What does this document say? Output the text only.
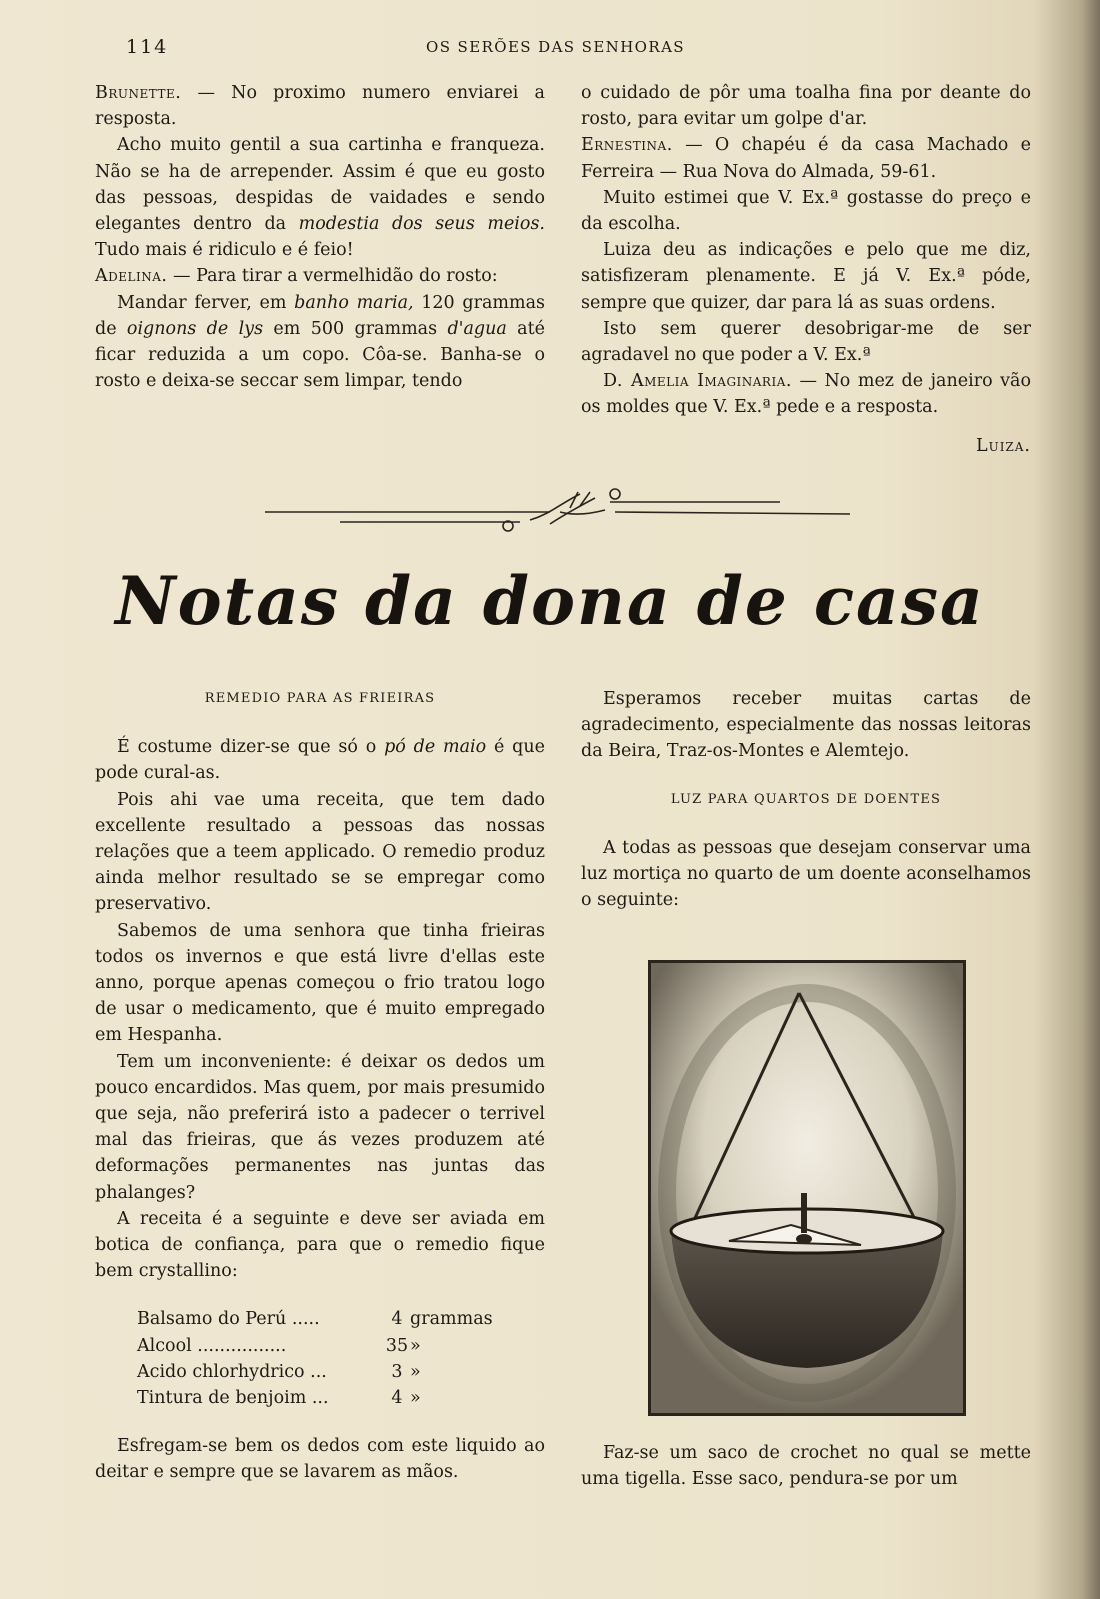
114	OS SERÕES DAS SENHORAS

Brunette. — No proximo numero enviarei a resposta.

Acho muito gentil a sua cartinha e franqueza. Não se ha de arrepender. Assim é que eu gosto das pessoas, despidas de vaidades e sendo elegantes dentro da modestia dos seus meios. Tudo mais é ridiculo e é feio!

Adelina. — Para tirar a vermelhidão do rosto:

Mandar ferver, em banho maria, 120 grammas de oignons de lys em 500 grammas d'agua até ficar reduzida a um copo. Côa-se. Banha-se o rosto e deixa-se seccar sem limpar, tendo

o cuidado de pôr uma toalha fina por deante do rosto, para evitar um golpe d'ar.

Ernestina. — O chapéu é da casa Machado e Ferreira — Rua Nova do Almada, 59-61.

Muito estimei que V. Ex.ª gostasse do preço e da escolha.

Luiza deu as indicações e pelo que me diz, satisfizeram plenamente. E já V. Ex.ª póde, sempre que quizer, dar para lá as suas ordens.

Isto sem querer desobrigar-me de ser agradavel no que poder a V. Ex.ª

D. Amelia Imaginaria. — No mez de janeiro vão os moldes que V. Ex.ª pede e a resposta.

Luiza.

Notas da dona de casa

REMEDIO PARA AS FRIEIRAS

É costume dizer-se que só o pó de maio é que pode cural-as.

Pois ahi vae uma receita, que tem dado excellente resultado a pessoas das nossas relações que a teem applicado. O remedio produz ainda melhor resultado se se empregar como preservativo.

Sabemos de uma senhora que tinha frieiras todos os invernos e que está livre d'ellas este anno, porque apenas começou o frio tratou logo de usar o medicamento, que é muito empregado em Hespanha.

Tem um inconveniente: é deixar os dedos um pouco encardidos. Mas quem, por mais presumido que seja, não preferirá isto a padecer o terrivel mal das frieiras, que ás vezes produzem até deformações permanentes nas juntas das phalanges?

A receita é a seguinte e deve ser aviada em botica de confiança, para que o remedio fique bem crystallino:

Balsamo do Perú .....	4 grammas
Alcool ................	35 »
Acido chlorhydrico ...	3 »
Tintura de benjoim ...	4 »

Esfregam-se bem os dedos com este liquido ao deitar e sempre que se lavarem as mãos.

Esperamos receber muitas cartas de agradecimento, especialmente das nossas leitoras da Beira, Traz-os-Montes e Alemtejo.

LUZ PARA QUARTOS DE DOENTES

A todas as pessoas que desejam conservar uma luz mortiça no quarto de um doente aconselhamos o seguinte:

Faz-se um saco de crochet no qual se mette uma tigella. Esse saco, pendura-se por um
